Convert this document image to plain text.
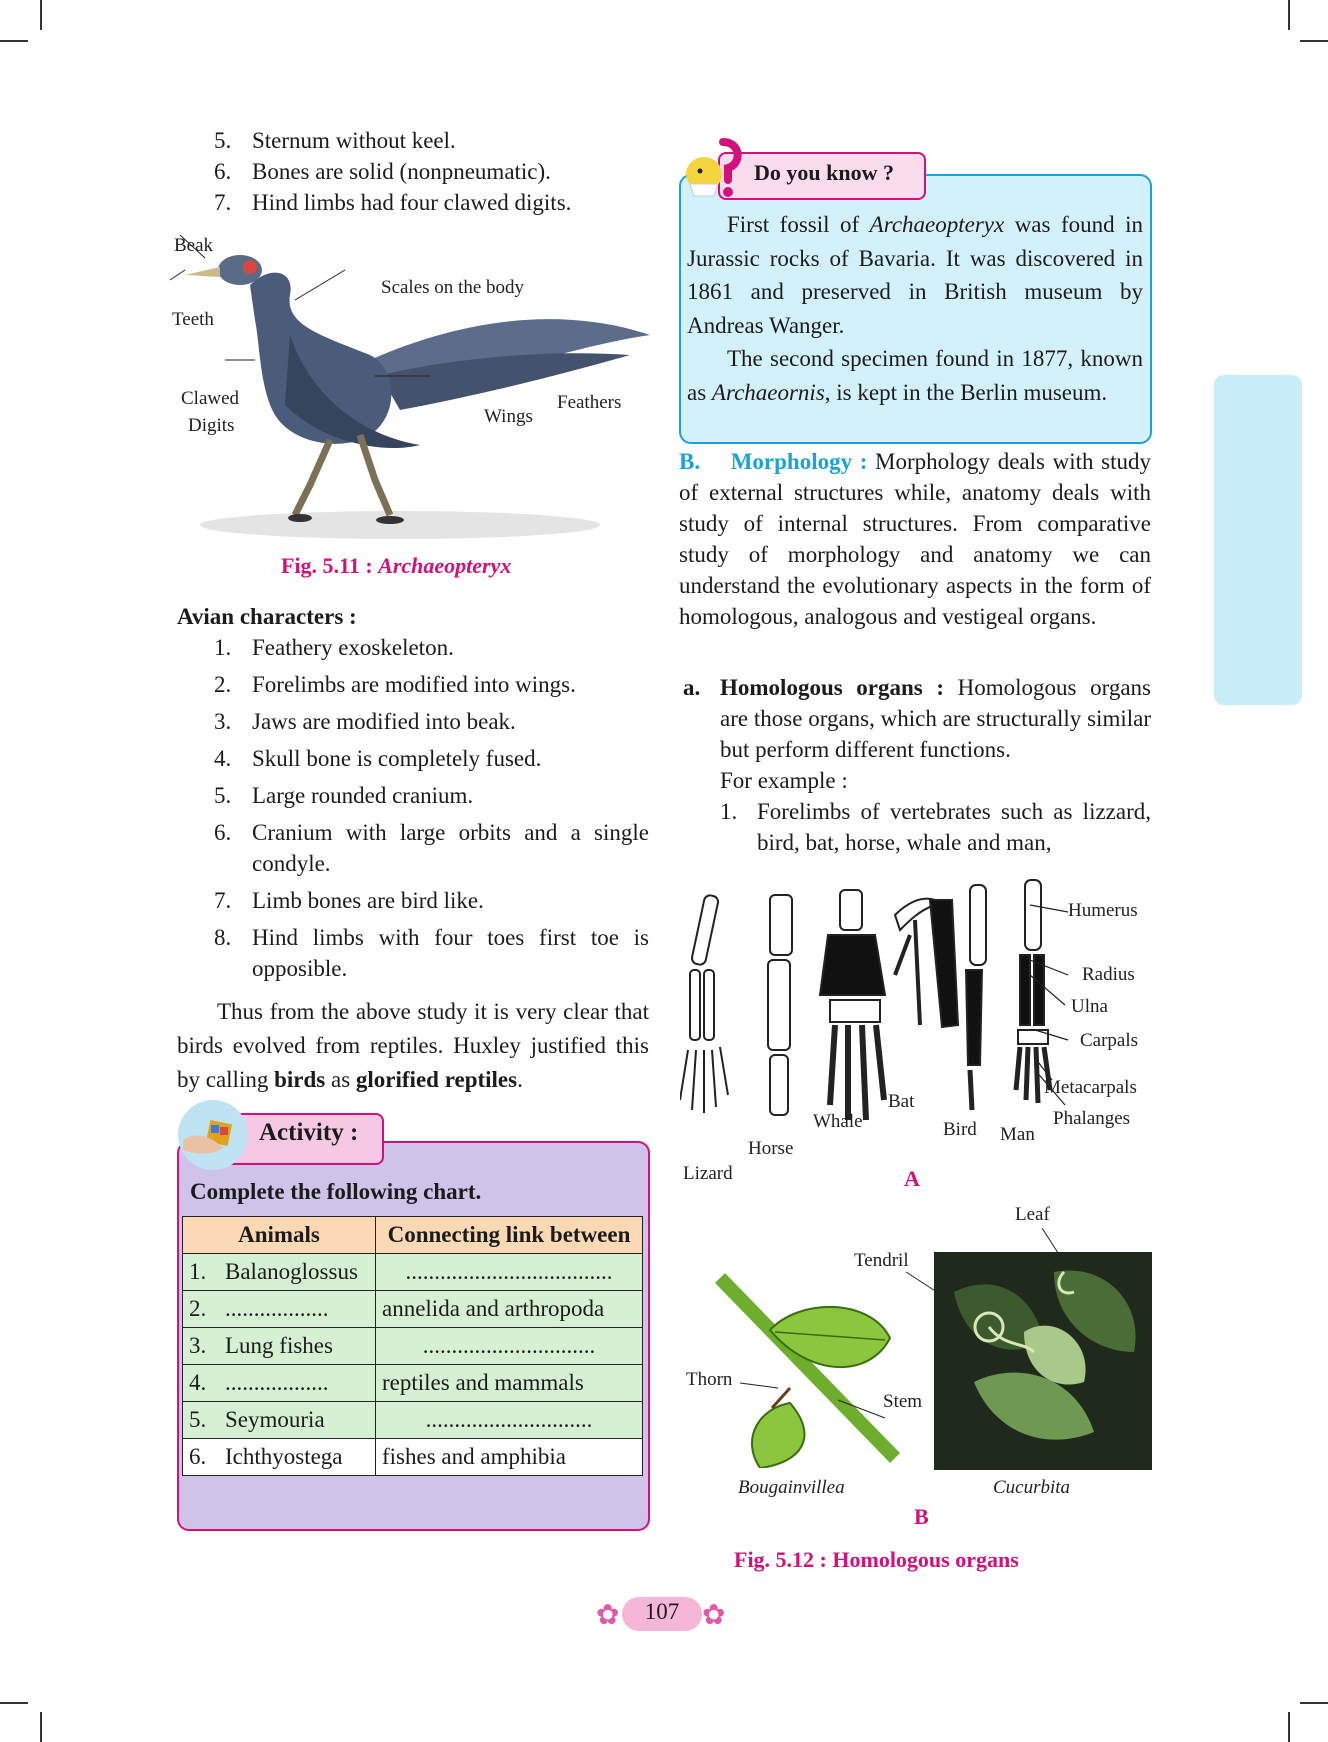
5. Sternum without keel.
6. Bones are solid (nonpneumatic).
7. Hind limbs had four clawed digits.
Beak
Teeth
Scales on the body
Clawed
Digits	Wings
Feathers
Fig. 5.11 : Archaeopteryx
Avian characters :
1. Feathery exoskeleton.
2. Forelimbs are modified into wings.
3. Jaws are modified into beak.
4. Skull bone is completely fused.
5. Large rounded cranium.
6. Cranium with large orbits and a single condyle.
7. Limb bones are bird like.
8. Hind limbs with four toes first toe is opposible.
Thus from the above study it is very clear that birds evolved from reptiles. Huxley justified this by calling birds as glorified reptiles.
Activity :
Complete the following chart.
Animals	Connecting link between
1. Balanoglossus	....................................
2. ..................	annelida and arthropoda
3. Lung fishes	..............................
4. ..................	reptiles and mammals
5. Seymouria	.............................
6. Ichthyostega	fishes and amphibia
Do you know ?
First fossil of Archaeopteryx was found in Jurassic rocks of Bavaria. It was discovered in 1861 and preserved in British museum by Andreas Wanger.
The second specimen found in 1877, known as Archaeornis, is kept in the Berlin museum.
B.    Morphology : Morphology deals with study of external structures while, anatomy deals with study of internal structures. From comparative study of morphology and anatomy we can understand the evolutionary aspects in the form of homologous, analogous and vestigeal organs.
a. Homologous organs : Homologous organs are those organs, which are structurally similar but perform different functions.
For example :
1. Forelimbs of vertebrates such as lizzard, bird, bat, horse, whale and man,
Humerus
Radius
Ulna
Carpals
Metacarpals
Phalanges
Lizard
Horse
Whale
Bat
Bird Man
A
Leaf
Tendril
Thorn
Stem
Bougainvillea	Cucurbita
B
Fig. 5.12 : Homologous organs
✿	✿
107
